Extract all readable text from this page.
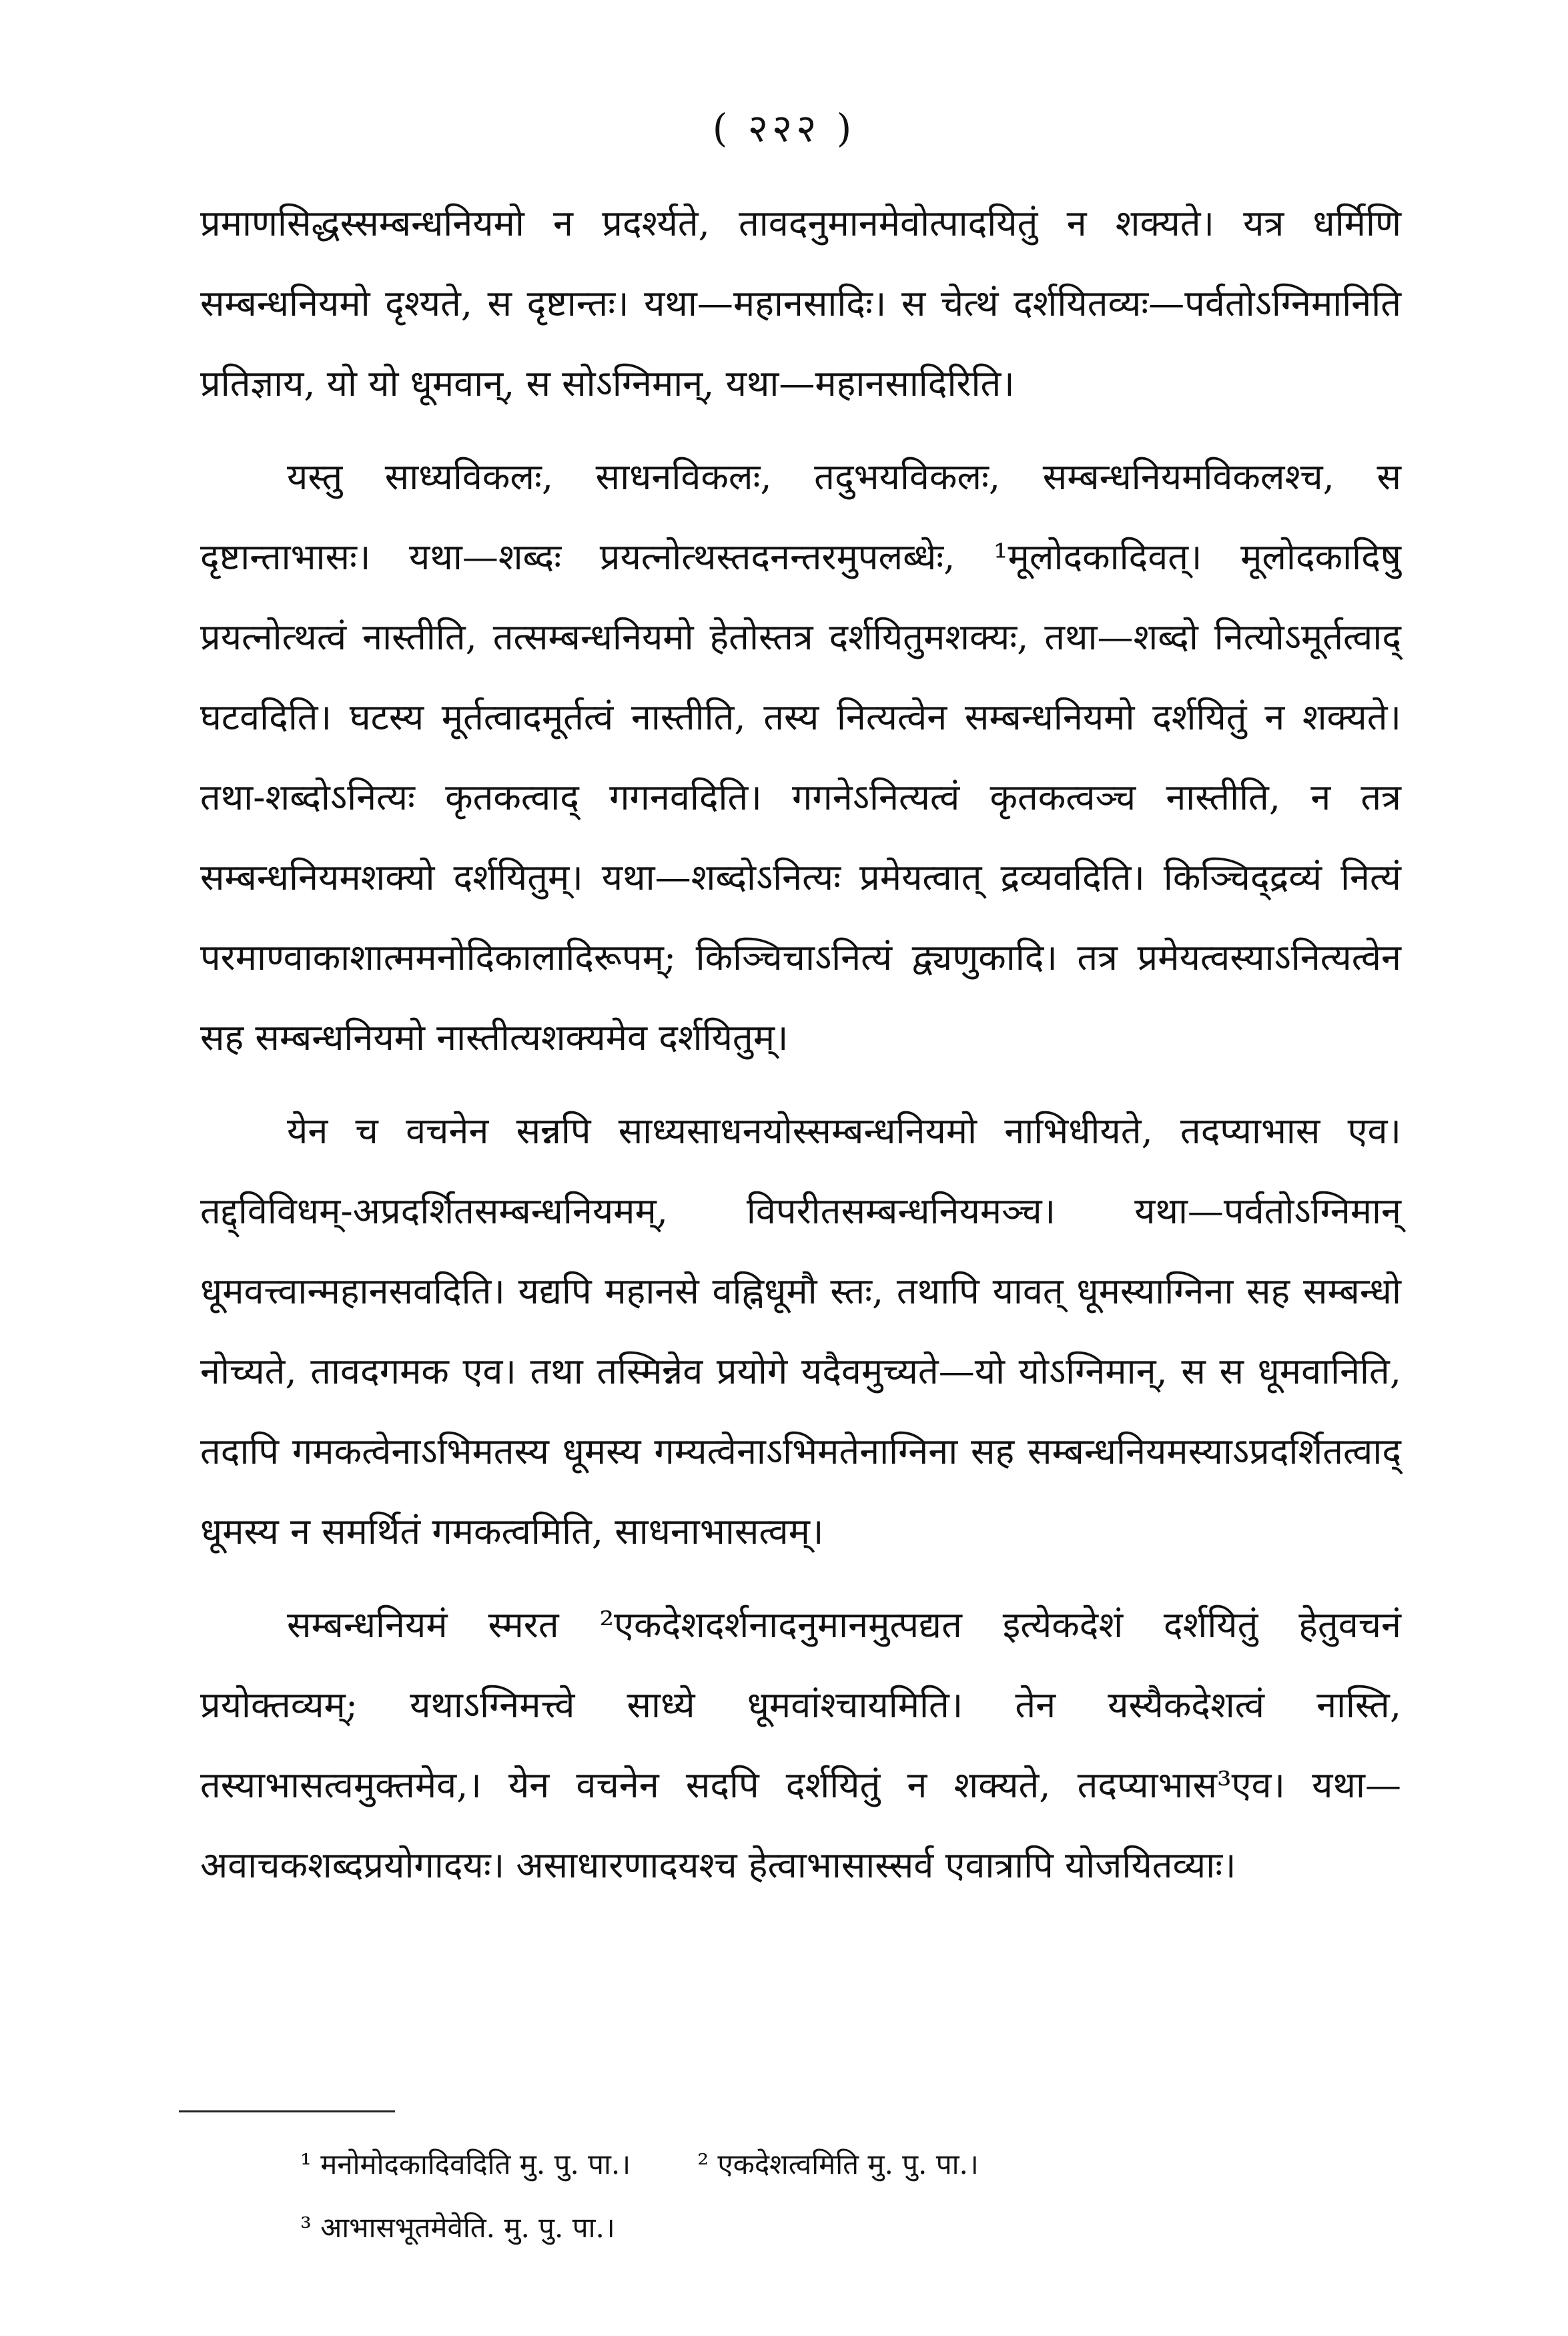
( २२२ )

प्रमाणसिद्धस्सम्बन्धनियमो न प्रदर्श्यते, तावदनुमानमेवोत्पादयितुं न शक्यते। यत्र धर्मिणि सम्बन्धनियमो दृश्यते, स दृष्टान्तः। यथा—महानसादिः। स चेत्थं दर्शयितव्यः—पर्वतोऽग्निमानिति प्रतिज्ञाय, यो यो धूमवान्, स सोऽग्निमान्, यथा—महानसादिरिति।

यस्तु साध्यविकलः, साधनविकलः, तदुभयविकलः, सम्बन्धनियमविकलश्च, स दृष्टान्ताभासः। यथा—शब्दः प्रयत्नोत्थस्तदनन्तरमुपलब्धेः, ¹मूलोदकादिवत्। मूलोदकादिषु प्रयत्नोत्थत्वं नास्तीति, तत्सम्बन्धनियमो हेतोस्तत्र दर्शयितुमशक्यः, तथा—शब्दो नित्योऽमूर्तत्वाद् घटवदिति। घटस्य मूर्तत्वादमूर्तत्वं नास्तीति, तस्य नित्यत्वेन सम्बन्धनियमो दर्शयितुं न शक्यते। तथा-शब्दोऽनित्यः कृतकत्वाद् गगनवदिति। गगनेऽनित्यत्वं कृतकत्वञ्च नास्तीति, न तत्र सम्बन्धनियमशक्यो दर्शयितुम्। यथा—शब्दोऽनित्यः प्रमेयत्वात् द्रव्यवदिति। किञ्चिद्द्रव्यं नित्यं परमाण्वाकाशात्ममनोदिकालादिरूपम्; किञ्चिचाऽनित्यं द्व्यणुकादि। तत्र प्रमेयत्वस्याऽनित्यत्वेन सह सम्बन्धनियमो नास्तीत्यशक्यमेव दर्शयितुम्।

येन च वचनेन सन्नपि साध्यसाधनयोस्सम्बन्धनियमो नाभिधीयते, तदप्याभास एव। तद्द्विविधम्-अप्रदर्शितसम्बन्धनियमम्, विपरीतसम्बन्धनियमञ्च। यथा—पर्वतोऽग्निमान् धूमवत्त्वान्महानसवदिति। यद्यपि महानसे वह्निधूमौ स्तः, तथापि यावत् धूमस्याग्निना सह सम्बन्धो नोच्यते, तावदगमक एव। तथा तस्मिन्नेव प्रयोगे यदैवमुच्यते—यो योऽग्निमान्, स स धूमवानिति, तदापि गमकत्वेनाऽभिमतस्य धूमस्य गम्यत्वेनाऽभिमतेनाग्निना सह सम्बन्धनियमस्याऽप्रदर्शितत्वाद् धूमस्य न समर्थितं गमकत्वमिति, साधनाभासत्वम्।

सम्बन्धनियमं स्मरत ²एकदेशदर्शनादनुमानमुत्पद्यत इत्येकदेशं दर्शयितुं हेतुवचनं प्रयोक्तव्यम्; यथाऽग्निमत्त्वे साध्ये धूमवांश्चायमिति। तेन यस्यैकदेशत्वं नास्ति, तस्याभासत्वमुक्तमेव,। येन वचनेन सदपि दर्शयितुं न शक्यते, तदप्याभास³एव। यथा—अवाचकशब्दप्रयोगादयः। असाधारणादयश्च हेत्वाभासास्सर्व एवात्रापि योजयितव्याः।

¹ मनोमोदकादिवदिति मु. पु. पा.। ² एकदेशत्वमिति मु. पु. पा.।
³ आभासभूतमेवेति. मु. पु. पा.।
